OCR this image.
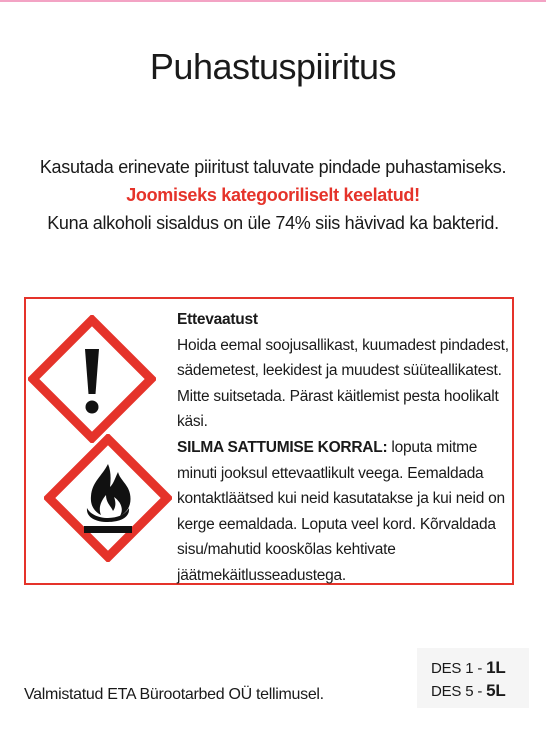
Puhastuspiiritus
Kasutada erinevate piiritust taluvate pindade puhastamiseks.
Joomiseks kategooriliselt keelatud!
Kuna alkoholi sisaldus on üle 74% siis hävivad ka bakterid.
Ettevaatust
Hoida eemal soojusallikast, kuumadest pindadest, sädemetest, leekidest ja muudest süüteallikatest. Mitte suitsetada. Pärast käitlemist pesta hoolikalt käsi.
SILMA SATTUMISE KORRAL: loputa mitme minuti jooksul ettevaatlikult veega. Eemaldada kontaktläätsed kui neid kasutatakse ja kui neid on kerge eemaldada. Loputa veel kord. Kõrvaldada sisu/mahutid kooskõlas kehtivate jäätmekäitlusseadustega.
Valmistatud ETA Bürootarbed OÜ tellimusel.
DES 1 - 1L
DES 5 - 5L
